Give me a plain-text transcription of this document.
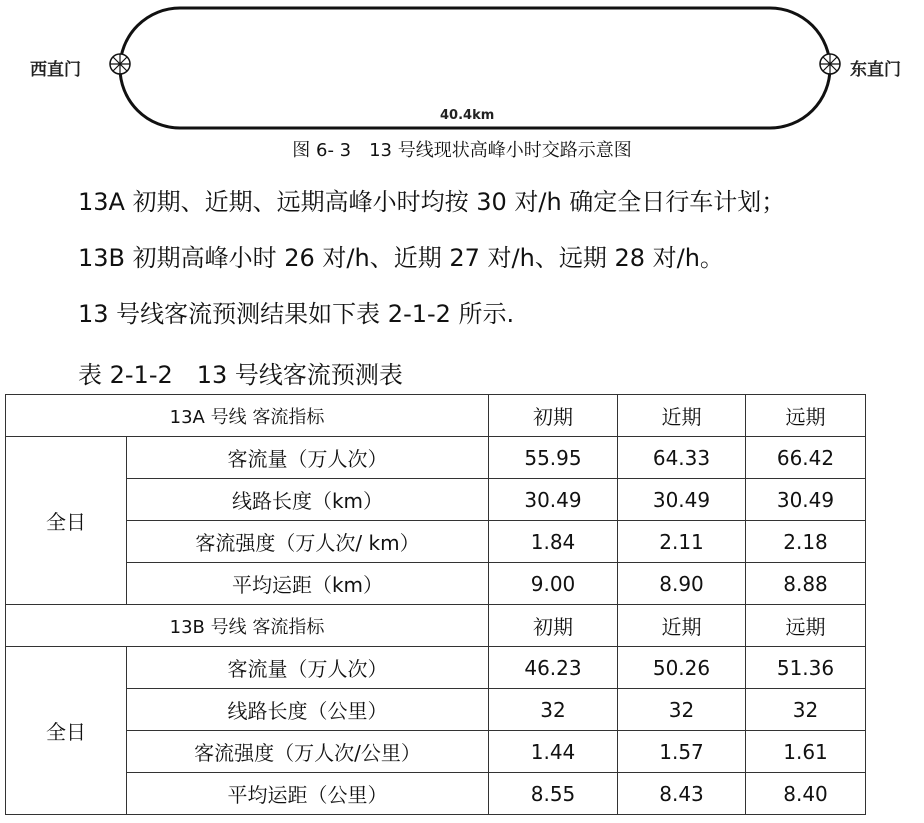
西直门	东直门
40.4km
图 6- 3　13 号线现状高峰小时交路示意图
13A 初期、近期、远期高峰小时均按 30 对/h 确定全日行车计划；
13B 初期高峰小时 26 对/h、近期 27 对/h、远期 28 对/h。
13 号线客流预测结果如下表 2-1-2 所示.
表 2-1-2　13 号线客流预测表
13A 号线 客流指标		初期	近期	远期
全日	客流量（万人次）	55.95	64.33	66.42
	线路长度（km）	30.49	30.49	30.49
	客流强度（万人次/ km）	1.84	2.11	2.18
	平均运距（km）	9.00	8.90	8.88
13B 号线 客流指标		初期	近期	远期
全日	客流量（万人次）	46.23	50.26	51.36
	线路长度（公里）	32	32	32
	客流强度（万人次/公里）	1.44	1.57	1.61
	平均运距（公里）	8.55	8.43	8.40
